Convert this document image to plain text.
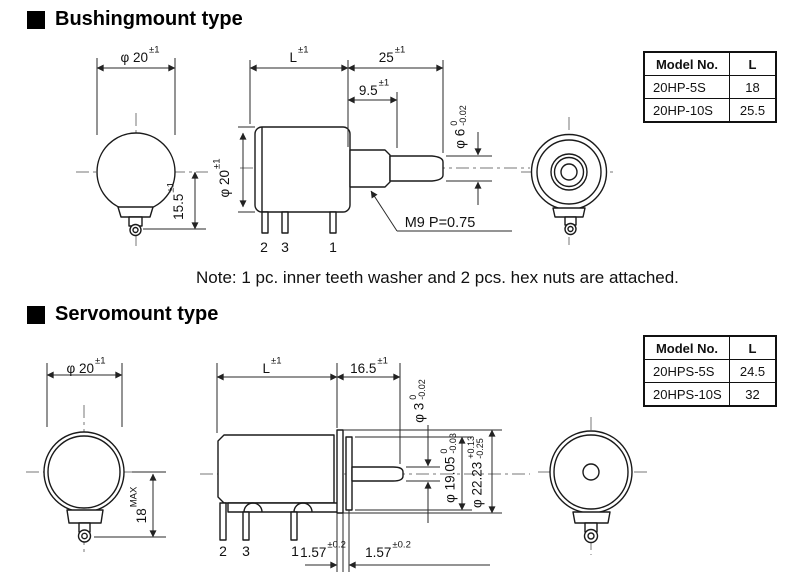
Bushingmount type
φ $20^{\pm 1}$
$15.5^{\pm 1}$	φ $20^{\pm 1}$
$L^{\pm 1}$
$25^{\pm 1}$
$9.5^{\pm 1}$
φ 6
0 -0.02
M9 P=0.75
2 3	1
Model No.	L
20HP-5S	18
20HP-10S	25.5
Note: 1 pc. inner teeth washer and 2 pcs. hex nuts are attached.
Servomount type
φ $20^{\pm 1}$
$18^{MAX}$
$L^{\pm 1}$
$16.5^{\pm 1}$
φ 3
0 -0.02
φ 19.05
0 -0.03
φ 22.23
+0.13 -0.25
2 3	1 $1.57^{\pm 0.2}$
$1.57^{\pm 0.2}$
Model No.	L
20HPS-5S	24.5
20HPS-10S	32
